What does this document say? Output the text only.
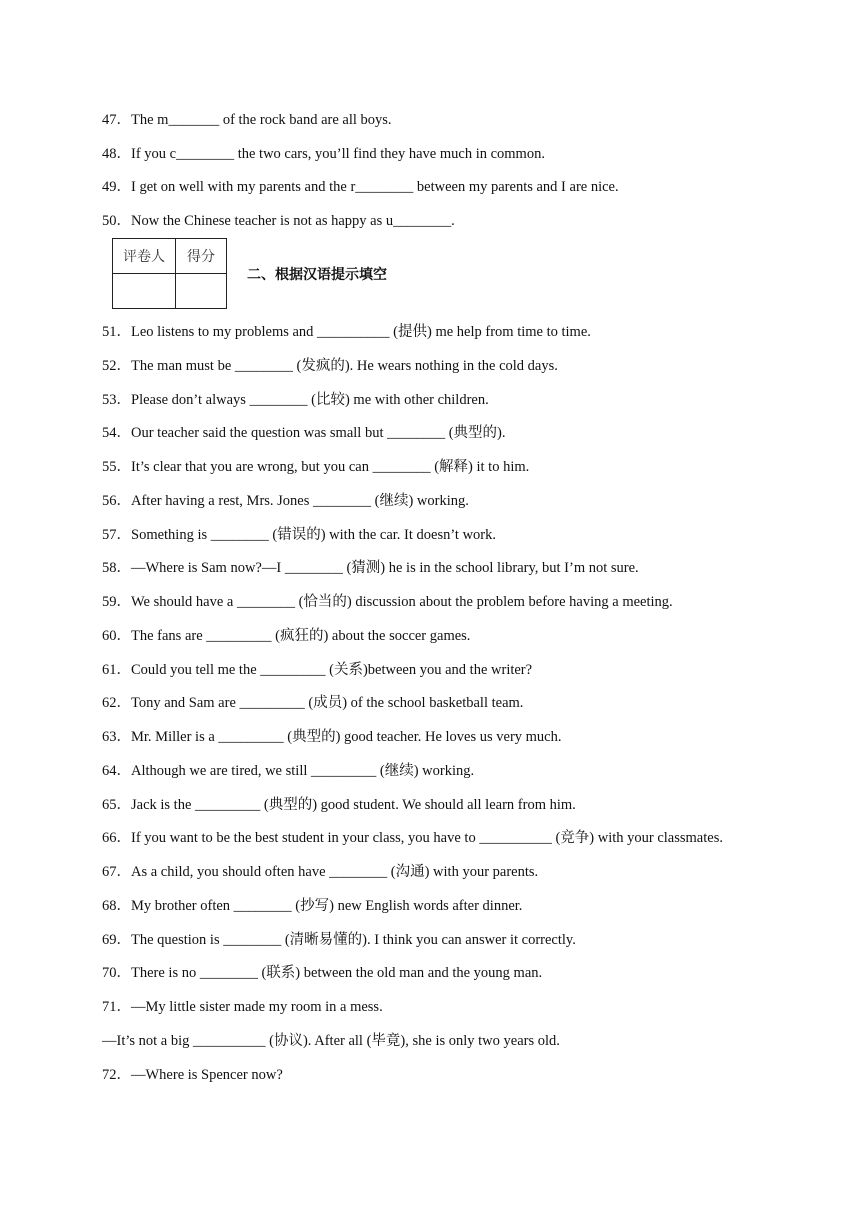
47．The m_______ of the rock band are all boys.
48．If you c________ the two cars, you’ll find they have much in common.
49．I get on well with my parents and the r________ between my parents and I are nice.
50．Now the Chinese teacher is not as happy as u________.
评卷人	得分

二、根据汉语提示填空
51．Leo listens to my problems and __________ (提供) me help from time to time.
52．The man must be ________ (发疯的). He wears nothing in the cold days.
53．Please don’t always ________ (比较) me with other children.
54．Our teacher said the question was small but ________ (典型的).
55．It’s clear that you are wrong, but you can ________ (解释) it to him.
56．After having a rest, Mrs. Jones ________ (继续) working.
57．Something is ________ (错误的) with the car. It doesn’t work.
58．—Where is Sam now?—I ________ (猜测) he is in the school library, but I’m not sure.
59．We should have a ________ (恰当的) discussion about the problem before having a meeting.
60．The fans are _________ (疯狂的) about the soccer games.
61．Could you tell me the _________ (关系)between you and the writer?
62．Tony and Sam are _________ (成员) of the school basketball team.
63．Mr. Miller is a _________ (典型的) good teacher. He loves us very much.
64．Although we are tired, we still _________ (继续) working.
65．Jack is the _________ (典型的) good student. We should all learn from him.
66．If you want to be the best student in your class, you have to __________ (竞争) with your classmates.
67．As a child, you should often have ________ (沟通) with your parents.
68．My brother often ________ (抄写) new English words after dinner.
69．The question is ________ (清晰易懂的). I think you can answer it correctly.
70．There is no ________ (联系) between the old man and the young man.
71．—My little sister made my room in a mess.
—It’s not a big __________ (协议). After all (毕竟), she is only two years old.
72．—Where is Spencer now?
